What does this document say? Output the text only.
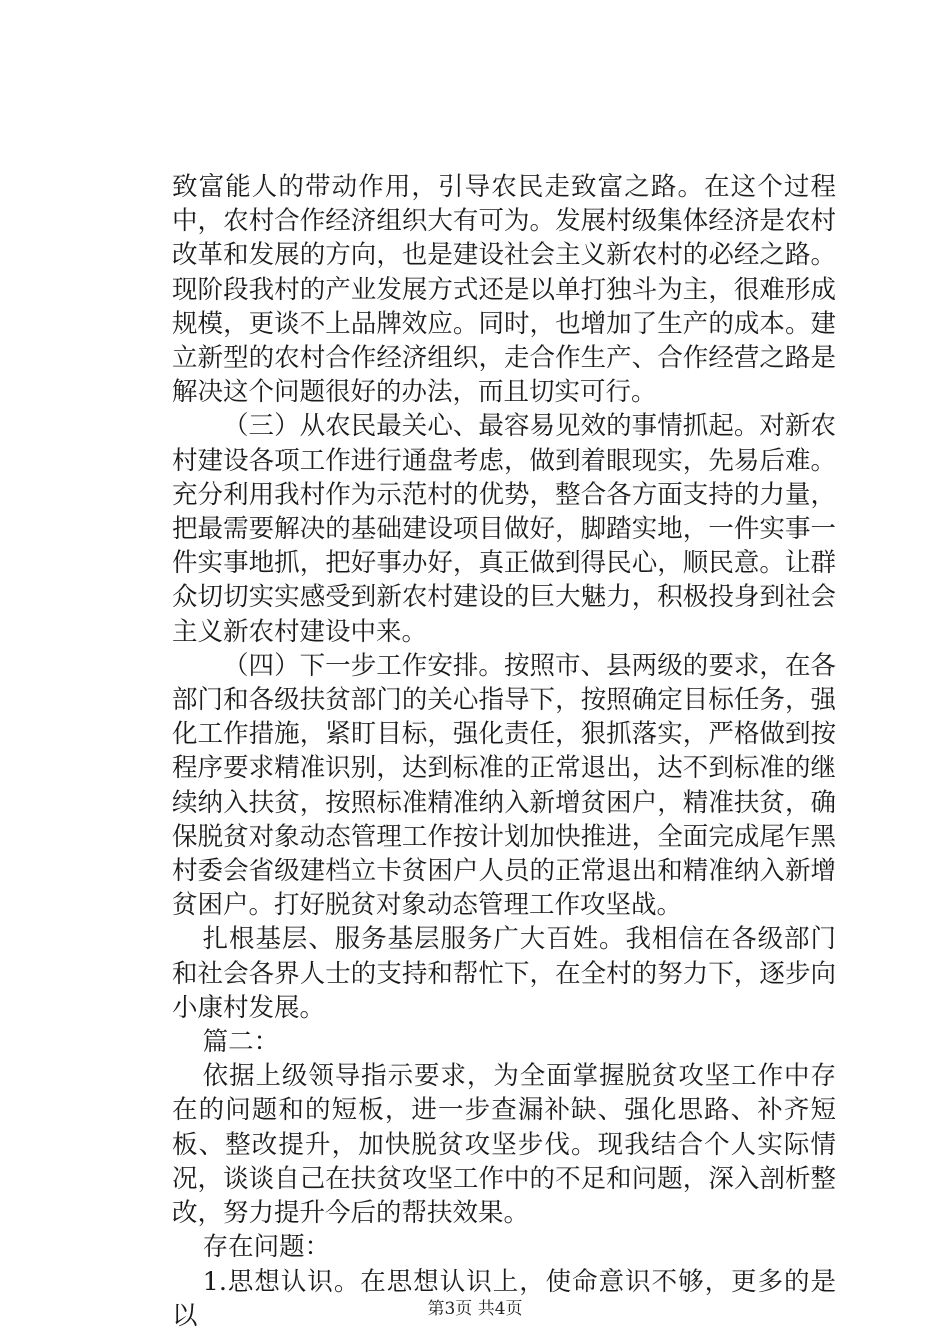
致富能人的带动作用，引导农民走致富之路。在这个过程中，农村合作经济组织大有可为。发展村级集体经济是农村改革和发展的方向，也是建设社会主义新农村的必经之路。现阶段我村的产业发展方式还是以单打独斗为主，很难形成规模，更谈不上品牌效应。同时，也增加了生产的成本。建立新型的农村合作经济组织，走合作生产、合作经营之路是解决这个问题很好的办法，而且切实可行。

（三）从农民最关心、最容易见效的事情抓起。对新农村建设各项工作进行通盘考虑，做到着眼现实，先易后难。充分利用我村作为示范村的优势，整合各方面支持的力量，把最需要解决的基础建设项目做好，脚踏实地，一件实事一件实事地抓，把好事办好，真正做到得民心，顺民意。让群众切切实实感受到新农村建设的巨大魅力，积极投身到社会主义新农村建设中来。

（四）下一步工作安排。按照市、县两级的要求，在各部门和各级扶贫部门的关心指导下，按照确定目标任务，强化工作措施，紧盯目标，强化责任，狠抓落实，严格做到按程序要求精准识别，达到标准的正常退出，达不到标准的继续纳入扶贫，按照标准精准纳入新增贫困户，精准扶贫，确保脱贫对象动态管理工作按计划加快推进，全面完成尾乍黑村委会省级建档立卡贫困户人员的正常退出和精准纳入新增贫困户。打好脱贫对象动态管理工作攻坚战。

扎根基层、服务基层服务广大百姓。我相信在各级部门和社会各界人士的支持和帮忙下，在全村的努力下，逐步向小康村发展。

篇二：

依据上级领导指示要求，为全面掌握脱贫攻坚工作中存在的问题和的短板，进一步查漏补缺、强化思路、补齐短板、整改提升，加快脱贫攻坚步伐。现我结合个人实际情况，谈谈自己在扶贫攻坚工作中的不足和问题，深入剖析整改，努力提升今后的帮扶效果。

存在问题：

1.思想认识。在思想认识上，使命意识不够，更多的是以	第3页 共4页
